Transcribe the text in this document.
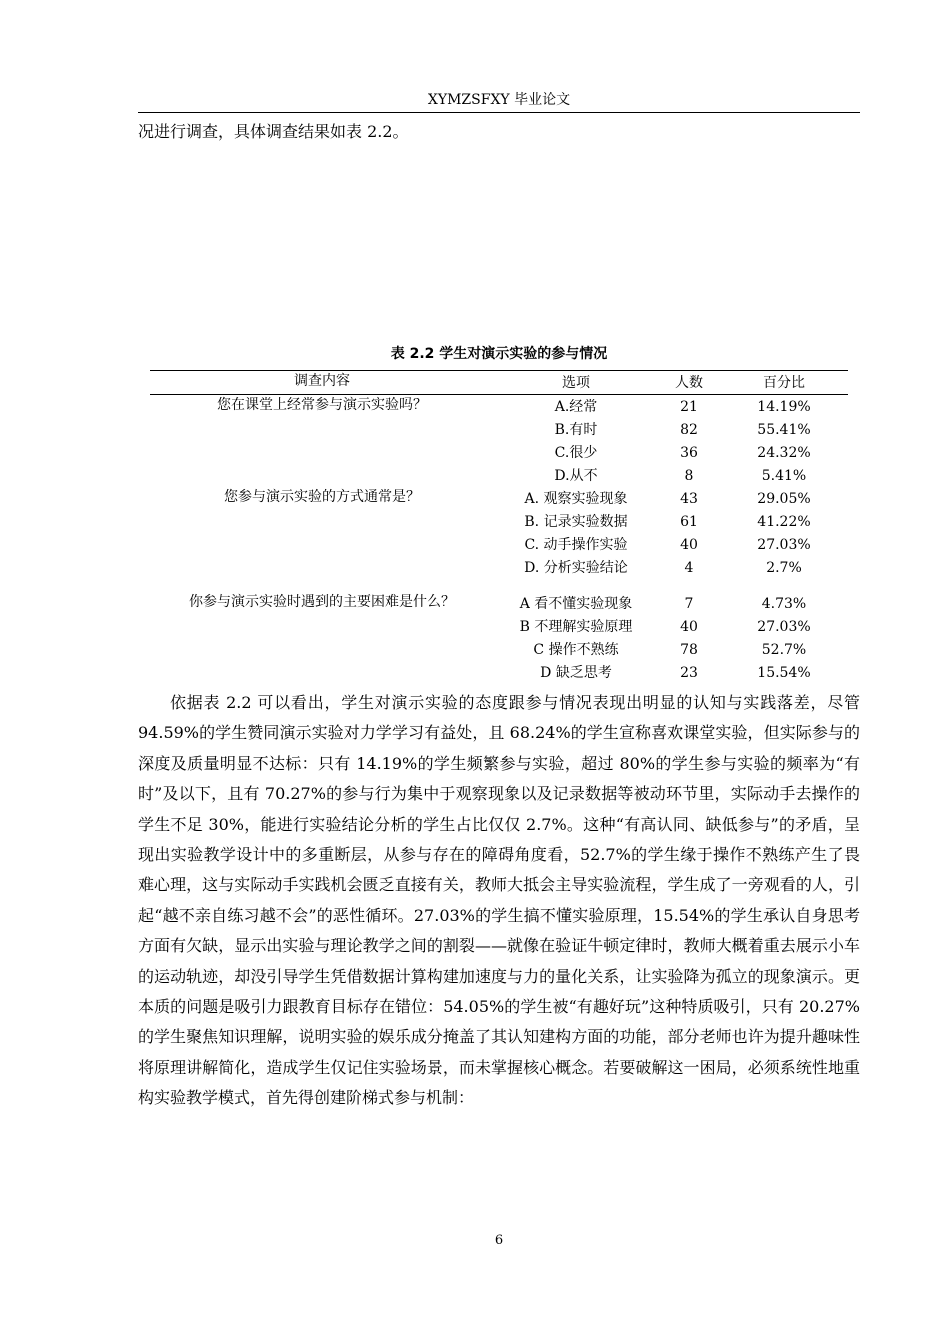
XYMZSFXY 毕业论文
况进行调查，具体调查结果如表 2.2。
表 2.2 学生对演示实验的参与情况
调查内容	选项	人数	百分比
您在课堂上经常参与演示实验吗？	A.经常	21	14.19%
	B.有时	82	55.41%
	C.很少	36	24.32%
	D.从不	8	5.41%
您参与演示实验的方式通常是？	A. 观察实验现象	43	29.05%
	B. 记录实验数据	61	41.22%
	C. 动手操作实验	40	27.03%
	D. 分析实验结论	4	2.7%

你参与演示实验时遇到的主要困难是什么？	A 看不懂实验现象	7	4.73%
	B 不理解实验原理	40	27.03%
	C 操作不熟练	78	52.7%
	D 缺乏思考	23	15.54%

依据表 2.2 可以看出，学生对演示实验的态度跟参与情况表现出明显的认知与实践落差，尽管 94.59%的学生赞同演示实验对力学学习有益处，且 68.24%的学生宣称喜欢课堂实验，但实际参与的深度及质量明显不达标：只有 14.19%的学生频繁参与实验，超过 80%的学生参与实验的频率为“有时”及以下，且有 70.27%的参与行为集中于观察现象以及记录数据等被动环节里，实际动手去操作的学生不足 30%，能进行实验结论分析的学生占比仅仅 2.7%。这种“有高认同、缺低参与”的矛盾，呈现出实验教学设计中的多重断层，从参与存在的障碍角度看，52.7%的学生缘于操作不熟练产生了畏难心理，这与实际动手实践机会匮乏直接有关，教师大抵会主导实验流程，学生成了一旁观看的人，引起“越不亲自练习越不会”的恶性循环。27.03%的学生搞不懂实验原理，15.54%的学生承认自身思考方面有欠缺，显示出实验与理论教学之间的割裂——就像在验证牛顿定律时，教师大概着重去展示小车的运动轨迹，却没引导学生凭借数据计算构建加速度与力的量化关系，让实验降为孤立的现象演示。更本质的问题是吸引力跟教育目标存在错位：54.05%的学生被“有趣好玩”这种特质吸引，只有 20.27%的学生聚焦知识理解，说明实验的娱乐成分掩盖了其认知建构方面的功能，部分老师也许为提升趣味性将原理讲解简化，造成学生仅记住实验场景，而未掌握核心概念。若要破解这一困局，必须系统性地重构实验教学模式，首先得创建阶梯式参与机制：

6
